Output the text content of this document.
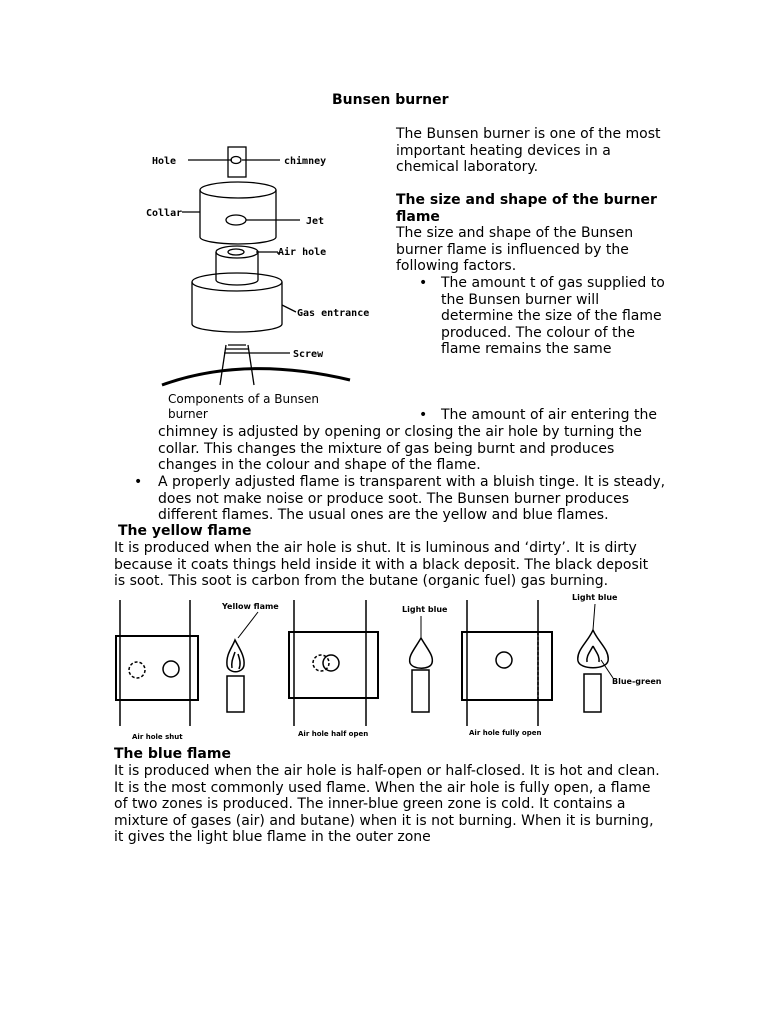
Bunsen burner
Hole	chimney
Collar
Jet
Air hole
Gas entrance
Screw
Components of a Bunsen burner
The Bunsen burner is one of the most important heating devices in a chemical laboratory.
The size and shape of the burner flame
The size and shape of the Bunsen burner flame is influenced by the following factors.
• The amount t of gas supplied to the Bunsen burner will determine the size of the flame produced. The colour of the flame remains the same
• The amount of air entering the
chimney is adjusted by opening or closing the air hole by turning the collar. This changes the mixture of gas being burnt and produces changes in the colour and shape of the flame.
• A properly adjusted flame is transparent with a bluish tinge. It is steady, does not make noise or produce soot. The Bunsen burner produces different flames. The usual ones are the yellow and blue flames.
The yellow flame
It is produced when the air hole is shut. It is luminous and ‘dirty’. It is dirty because it coats things held inside it with a black deposit. The black deposit is soot. This soot is carbon from the butane (organic fuel) gas burning.
Yellow flame	Light blue
Light blue
Blue-green
Air hole shut	Air hole half open	Air hole fully open
The blue flame
It is produced when the air hole is half-open or half-closed. It is hot and clean. It is the most commonly used flame. When the air hole is fully open, a flame of two zones is produced. The inner-blue green zone is cold. It contains a mixture of gases (air) and butane) when it is not burning. When it is burning, it gives the light blue flame in the outer zone
